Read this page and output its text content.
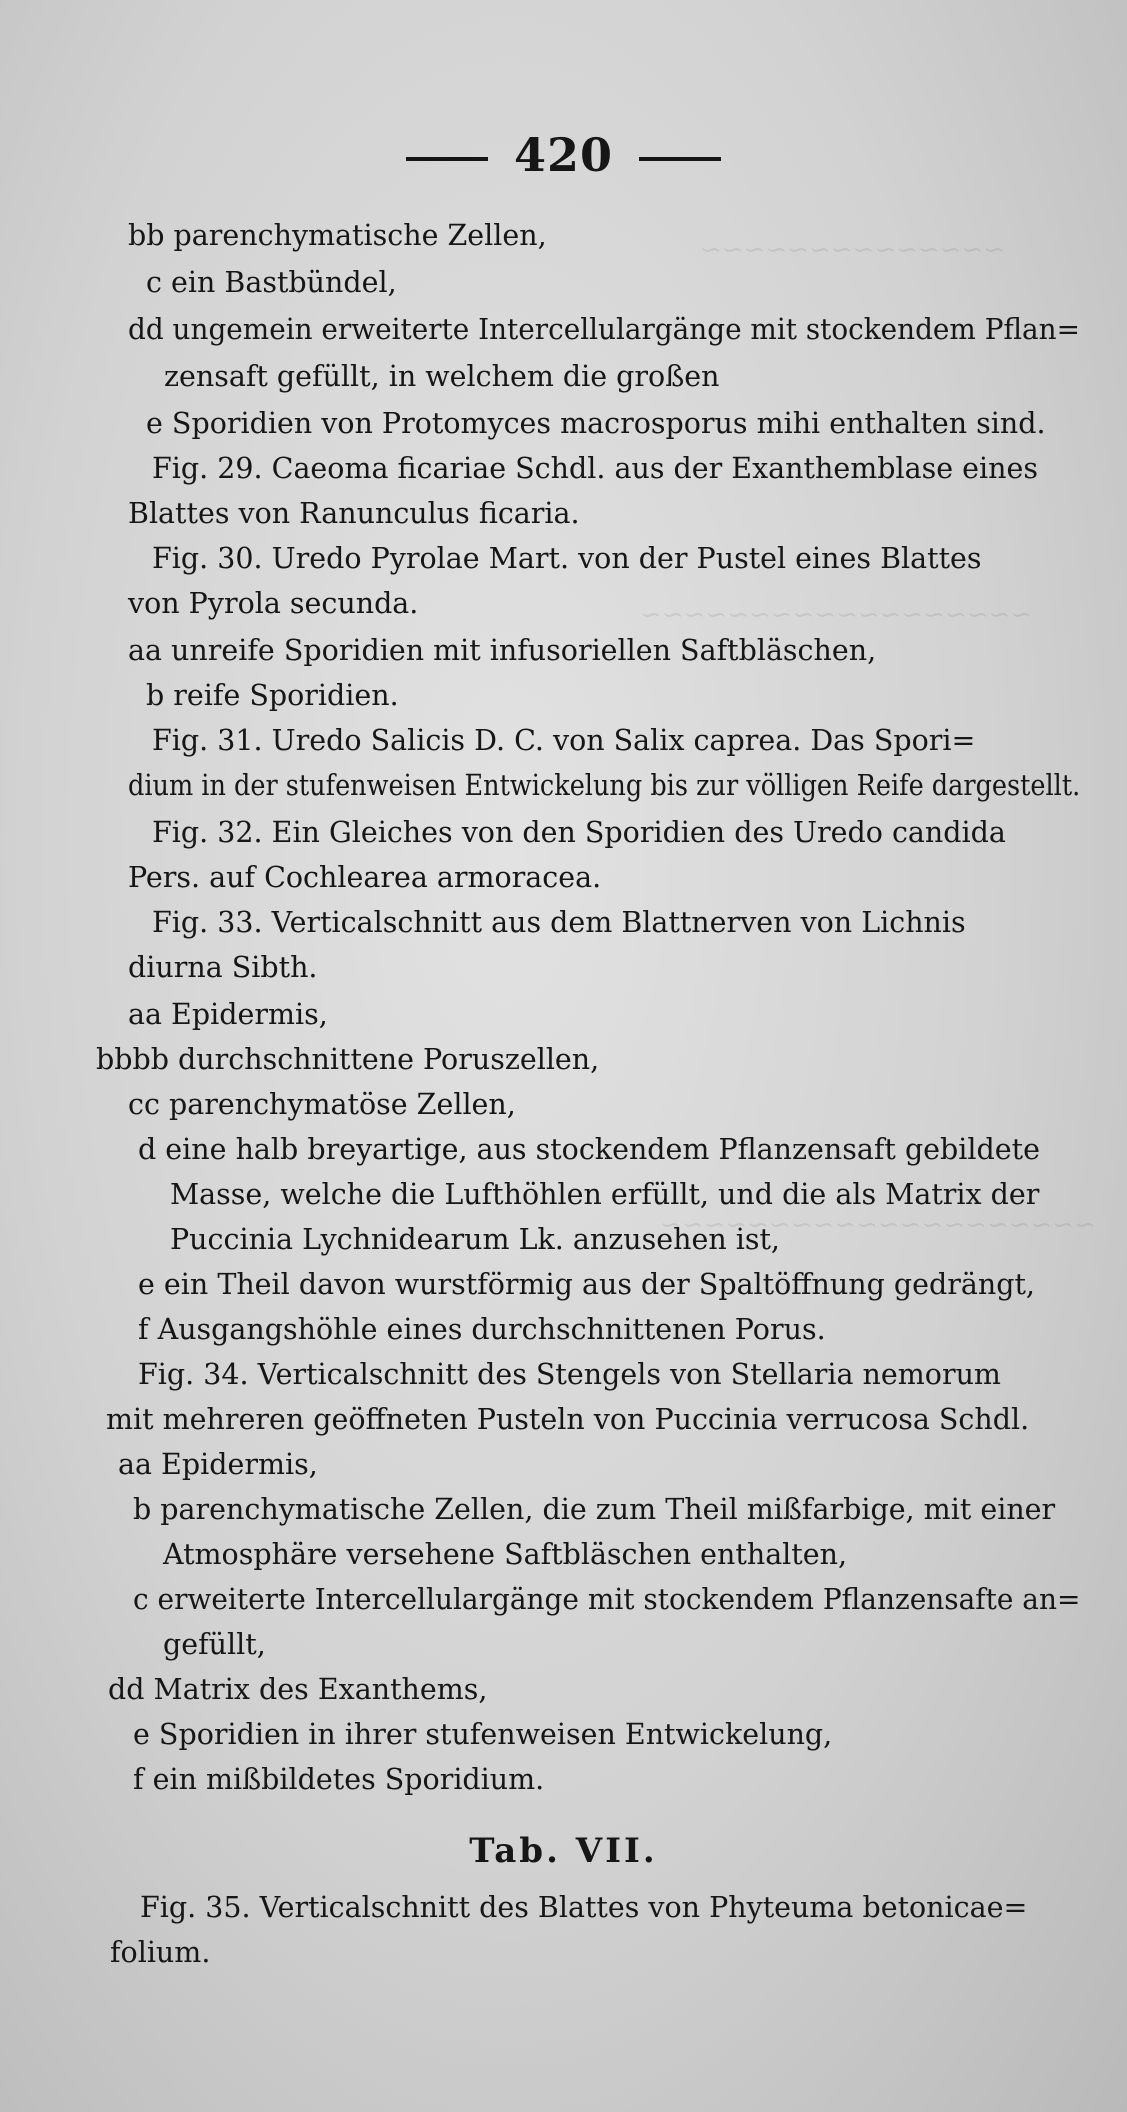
420
~~~~~~~~~~~~~~
~~~~~~~~~~~~~~~~~~
~~~~~~~~~~~~~~~~~~~~
bb parenchymatische Zellen,
c ein Bastbündel,
dd ungemein erweiterte Intercellulargänge mit stockendem Pflan=
zensaft gefüllt, in welchem die großen
e Sporidien von Protomyces macrosporus mihi enthalten sind.
Fig. 29. Caeoma ficariae Schdl. aus der Exanthemblase eines
Blattes von Ranunculus ficaria.
Fig. 30. Uredo Pyrolae Mart. von der Pustel eines Blattes
von Pyrola secunda.
aa unreife Sporidien mit infusoriellen Saftbläschen,
b reife Sporidien.
Fig. 31. Uredo Salicis D. C. von Salix caprea. Das Spori=
dium in der stufenweisen Entwickelung bis zur völligen Reife dargestellt.
Fig. 32. Ein Gleiches von den Sporidien des Uredo candida
Pers. auf Cochlearea armoracea.
Fig. 33. Verticalschnitt aus dem Blattnerven von Lichnis
diurna Sibth.
aa Epidermis,
bbbb durchschnittene Poruszellen,
cc parenchymatöse Zellen,
d eine halb breyartige, aus stockendem Pflanzensaft gebildete
Masse, welche die Lufthöhlen erfüllt, und die als Matrix der
Puccinia Lychnidearum Lk. anzusehen ist,
e ein Theil davon wurstförmig aus der Spaltöffnung gedrängt,
f Ausgangshöhle eines durchschnittenen Porus.
Fig. 34. Verticalschnitt des Stengels von Stellaria nemorum
mit mehreren geöffneten Pusteln von Puccinia verrucosa Schdl.
aa Epidermis,
b parenchymatische Zellen, die zum Theil mißfarbige, mit einer
Atmosphäre versehene Saftbläschen enthalten,
c erweiterte Intercellulargänge mit stockendem Pflanzensafte an=
gefüllt,
dd Matrix des Exanthems,
e Sporidien in ihrer stufenweisen Entwickelung,
f ein mißbildetes Sporidium.
Tab. VII.
Fig. 35. Verticalschnitt des Blattes von Phyteuma betonicae=
folium.
